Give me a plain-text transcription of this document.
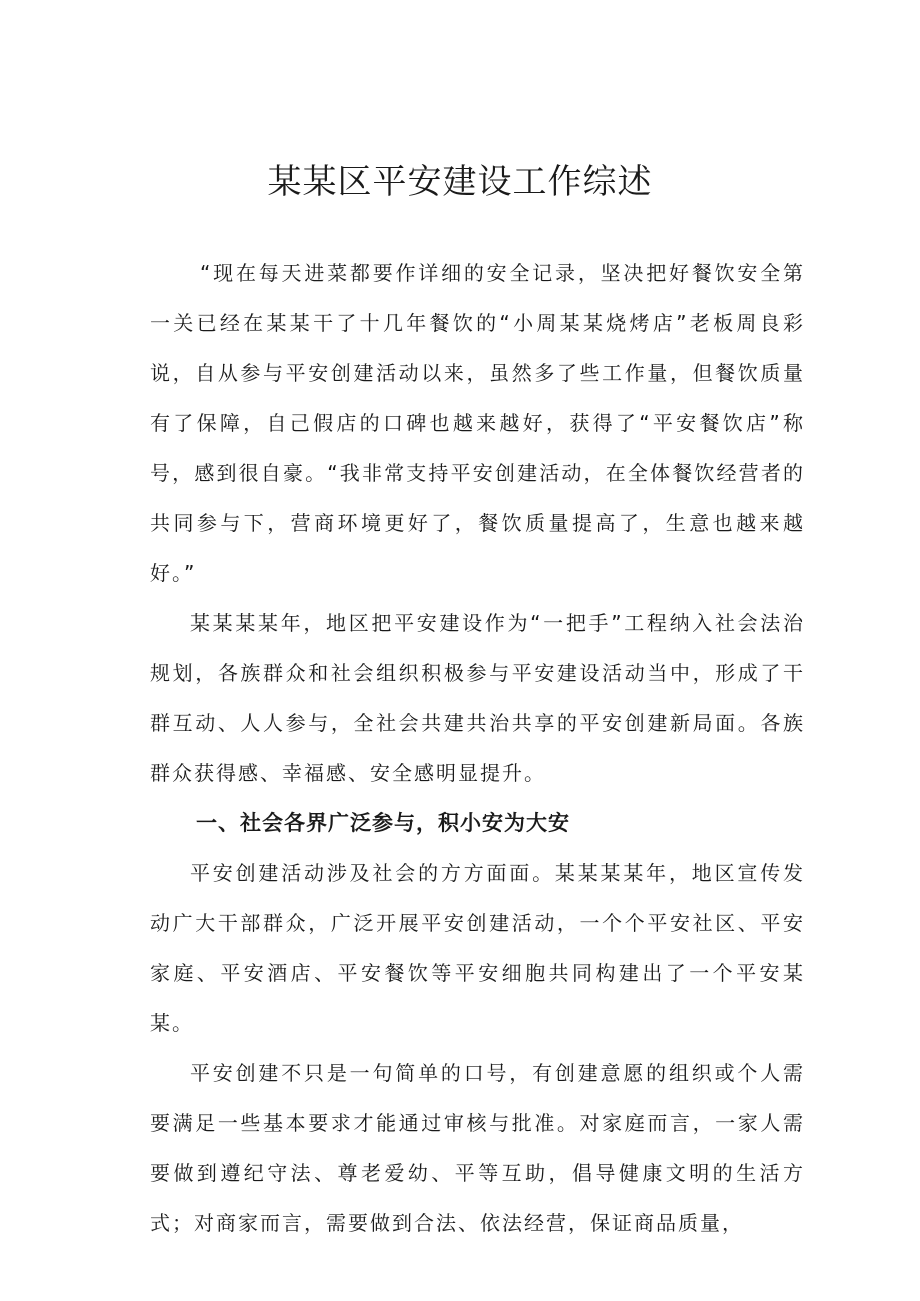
某某区平安建设工作综述

“现在每天进菜都要作详细的安全记录，坚决把好餐饮安全第一关已经在某某干了十几年餐饮的“小周某某烧烤店”老板周良彩说，自从参与平安创建活动以来，虽然多了些工作量，但餐饮质量有了保障，自己假店的口碑也越来越好，获得了“平安餐饮店”称号，感到很自豪。“我非常支持平安创建活动，在全体餐饮经营者的共同参与下，营商环境更好了，餐饮质量提高了，生意也越来越好。”

某某某某年，地区把平安建设作为“一把手”工程纳入社会法治规划，各族群众和社会组织积极参与平安建设活动当中，形成了干群互动、人人参与，全社会共建共治共享的平安创建新局面。各族群众获得感、幸福感、安全感明显提升。

一、社会各界广泛参与，积小安为大安

平安创建活动涉及社会的方方面面。某某某某年，地区宣传发动广大干部群众，广泛开展平安创建活动，一个个平安社区、平安家庭、平安酒店、平安餐饮等平安细胞共同构建出了一个平安某某。

平安创建不只是一句简单的口号，有创建意愿的组织或个人需要满足一些基本要求才能通过审核与批准。对家庭而言，一家人需要做到遵纪守法、尊老爱幼、平等互助，倡导健康文明的生活方式；对商家而言，需要做到合法、依法经营，保证商品质量，
